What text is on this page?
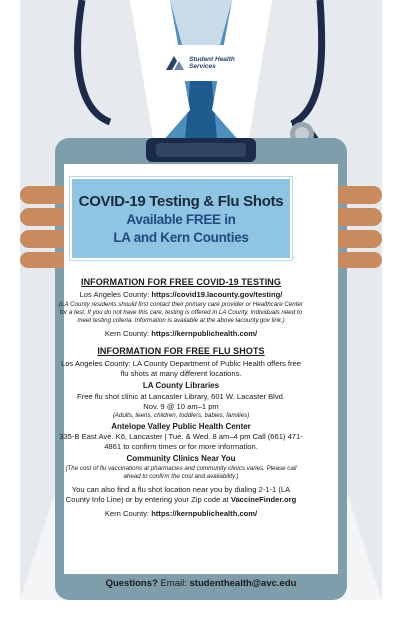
Student Health
Services
COVID-19 Testing & Flu Shots
Available FREE in
LA and Kern Counties
INFORMATION FOR FREE COVID-19 TESTING
Los Angeles County: https://covid19.lacounty.gov/testing/
(LA County residents should first contact their primary care provider or Healthcare Center for a test. If you do not have this care, testing is offered in LA County. Individuals need to meet testing criteria. Information is available at the above lacounty.gov link.)
Kern County: https://kernpublichealth.com/
INFORMATION FOR FREE FLU SHOTS
Los Angeles County: LA County Department of Public Health offers free flu shots at many different locations.
LA County Libraries
Free flu shot clinic at Lancaster Library, 601 W. Lacaster Blvd. Nov. 9 @ 10 am–1 pm
(Adults, teens, children, toddlers, babies, families)
Antelope Valley Public Health Center
335-B East Ave. K6, Lancaster | Tue. & Wed. 8 am–4 pm Call (661) 471-4861 to confirm times or for more information.
Community Clinics Near You
(The cost of flu vaccinations at pharmacies and community clinics varies. Please call ahead to confirm the cost and availability.)
You can also find a flu shot location near you by dialing 2-1-1 (LA County Info Line) or by entering your Zip code at VaccineFinder.org
Kern County: https://kernpublichealth.com/
Questions? Email: studenthealth@avc.edu
